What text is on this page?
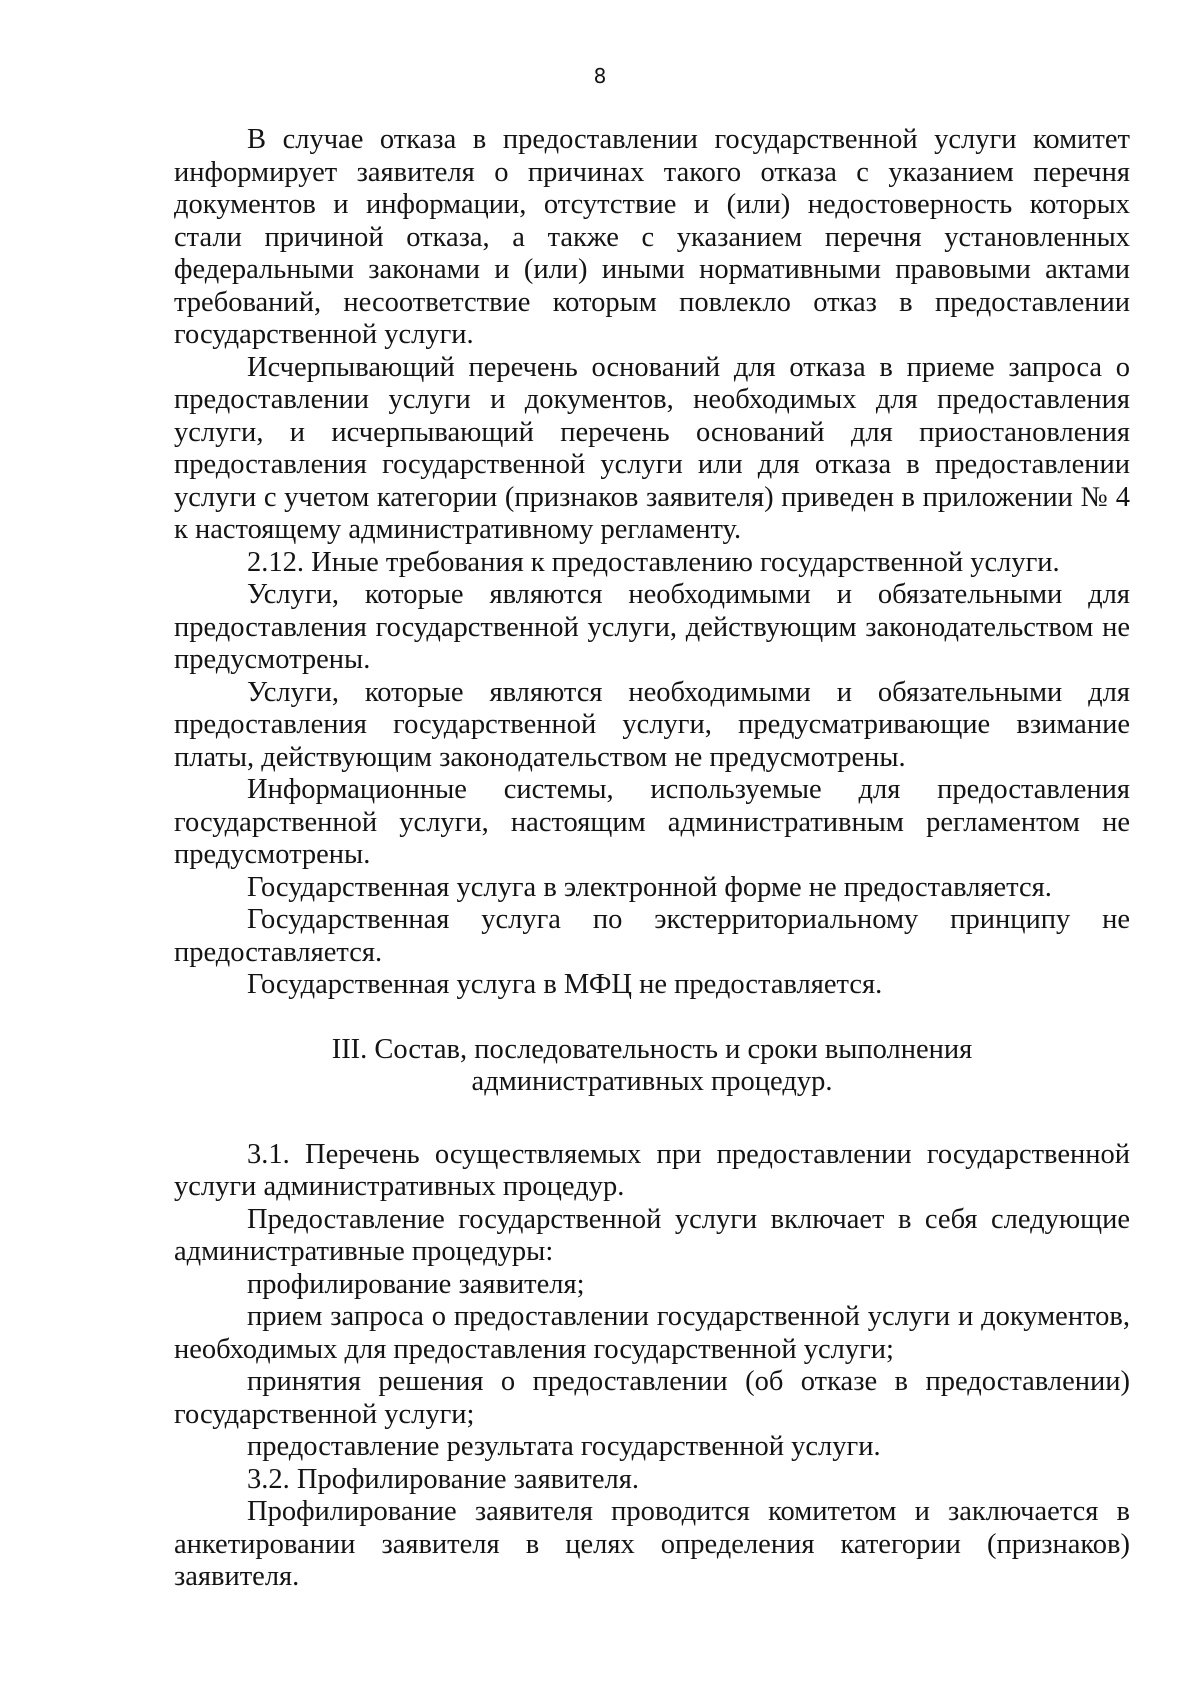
8

В случае отказа в предоставлении государственной услуги комитет информирует заявителя о причинах такого отказа с указанием перечня документов и информации, отсутствие и (или) недостоверность которых стали причиной отказа, а также с указанием перечня установленных федеральными законами и (или) иными нормативными правовыми актами требований, несоответствие которым повлекло отказ в предоставлении государственной услуги.

Исчерпывающий перечень оснований для отказа в приеме запроса о предоставлении услуги и документов, необходимых для предоставления услуги, и исчерпывающий перечень оснований для приостановления предоставления государственной услуги или для отказа в предоставлении услуги с учетом категории (признаков заявителя) приведен в приложении № 4 к настоящему административному регламенту.

2.12. Иные требования к предоставлению государственной услуги.

Услуги, которые являются необходимыми и обязательными для предоставления государственной услуги, действующим законодательством не предусмотрены.

Услуги, которые являются необходимыми и обязательными для предоставления государственной услуги, предусматривающие взимание платы, действующим законодательством не предусмотрены.

Информационные системы, используемые для предоставления государственной услуги, настоящим административным регламентом не предусмотрены.

Государственная услуга в электронной форме не предоставляется.

Государственная услуга по экстерриториальному принципу не предоставляется.

Государственная услуга в МФЦ не предоставляется.

III. Состав, последовательность и сроки выполнения
административных процедур.

3.1. Перечень осуществляемых при предоставлении государственной услуги административных процедур.

Предоставление государственной услуги включает в себя следующие административные процедуры:

профилирование заявителя;

прием запроса о предоставлении государственной услуги и документов, необходимых для предоставления государственной услуги;

принятия решения о предоставлении (об отказе в предоставлении) государственной услуги;

предоставление результата государственной услуги.

3.2. Профилирование заявителя.

Профилирование заявителя проводится комитетом и заключается в анкетировании заявителя в целях определения категории (признаков) заявителя.
